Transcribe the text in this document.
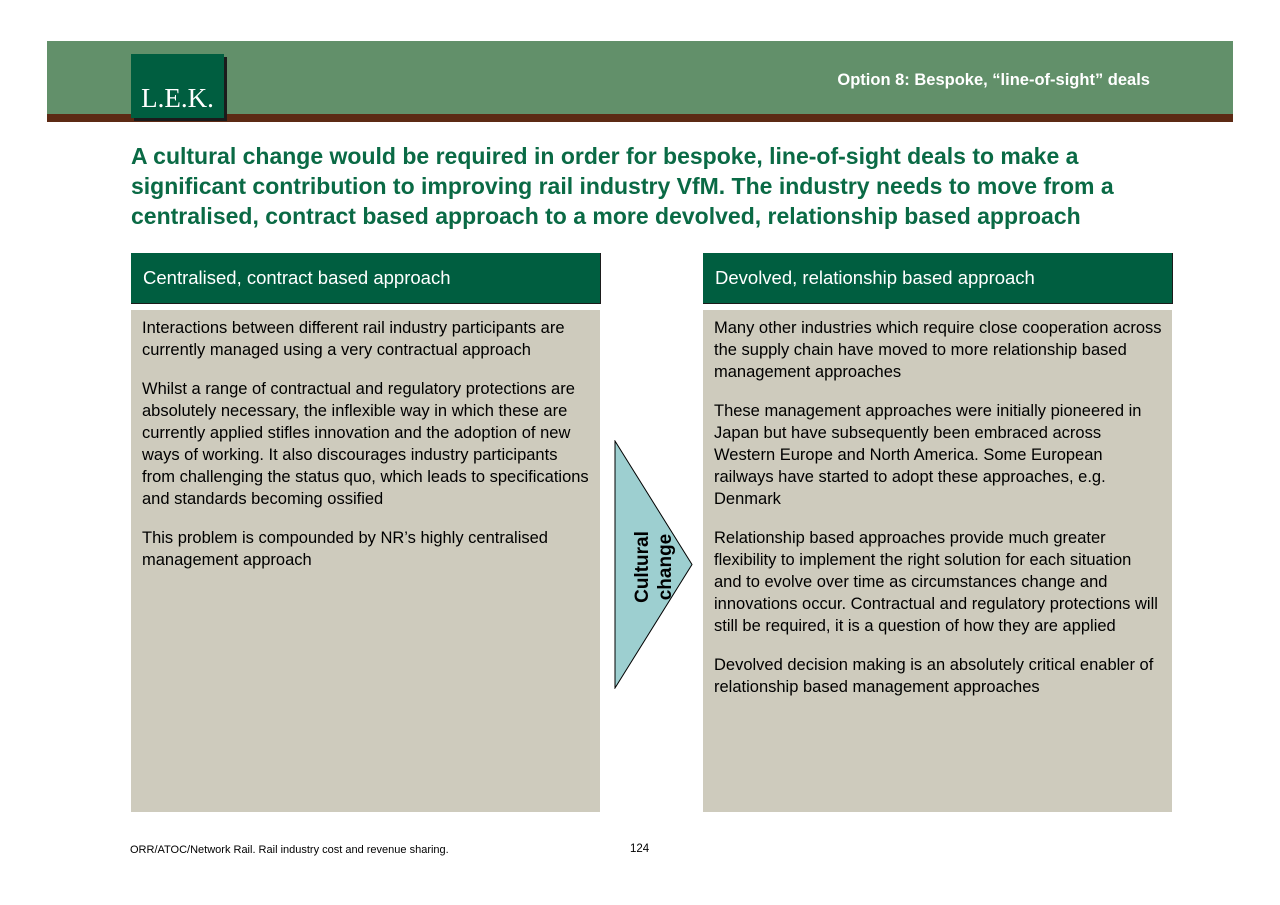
L.E.K.
Option 8: Bespoke, “line-of-sight” deals
A cultural change would be required in order for bespoke, line-of-sight deals to make a significant contribution to improving rail industry VfM. The industry needs to move from a centralised, contract based approach to a more devolved, relationship based approach
Centralised, contract based approach

Interactions between different rail industry participants are currently managed using a very contractual approach

Whilst a range of contractual and regulatory protections are absolutely necessary, the inflexible way in which these are currently applied stifles innovation and the adoption of new ways of working. It also discourages industry participants from challenging the status quo, which leads to specifications and standards becoming ossified

This problem is compounded by NR’s highly centralised management approach	Cultural change
Devolved, relationship based approach

Many other industries which require close cooperation across the supply chain have moved to more relationship based management approaches

These management approaches were initially pioneered in Japan but have subsequently been embraced across Western Europe and North America. Some European railways have started to adopt these approaches, e.g. Denmark

Relationship based approaches provide much greater flexibility to implement the right solution for each situation and to evolve over time as circumstances change and innovations occur. Contractual and regulatory protections will still be required, it is a question of how they are applied

Devolved decision making is an absolutely critical enabler of relationship based management approaches

ORR/ATOC/Network Rail. Rail industry cost and revenue sharing.	124
